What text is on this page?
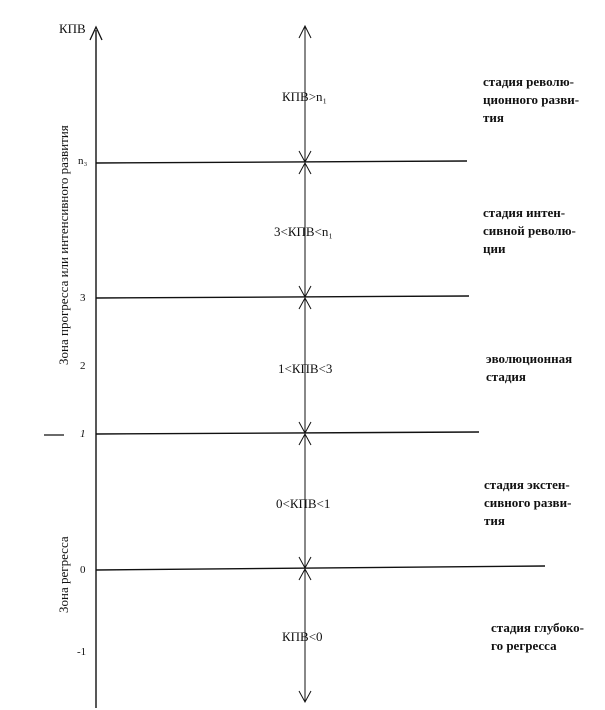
КПВ
n₃
3
2
1
0
-1
Зона прогресса или интенсивного развития
Зона регресса
КПВ>n₁
3<КПВ<n₁
1<КПВ<3
0<КПВ<1
КПВ<0
стадия револю-
ционного разви-
тия
стадия интен-
сивной револю-
ции
эволюционная
стадия
стадия экстен-
сивного разви-
тия
стадия глубоко-
го регресса
